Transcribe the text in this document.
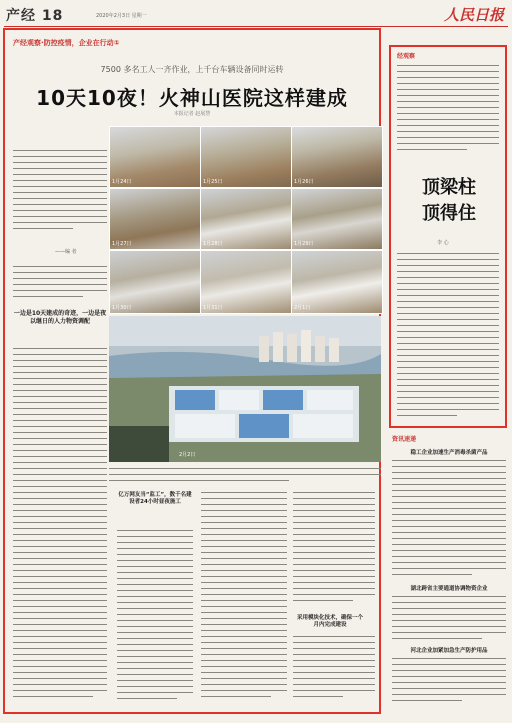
产经 18	2020年2月3日 星期一	人民日报
产经观察·防控疫情，企业在行动①
7500 多名工人一齐作业，上千台车辆设备同时运转
10天10夜！火神山医院这样建成
本报记者 赵展慧
——编 者
一边是10天建成的奇迹，一边是夜以继日的人力物资调配
1月24日	1月25日	1月26日
1月27日	1月28日	1月29日
1月30日	1月31日	2月1日
2月2日
亿万网友当“监工”，数千名建设者24小时昼夜施工
采用模块化技术，确保一个月内完成建设
经观察
顶梁柱
顶得住
李 心
资讯速递
稳工企业加速生产消毒杀菌产品
湖北跨省主要通道协调物资企业
河北企业加紧加急生产防护用品
